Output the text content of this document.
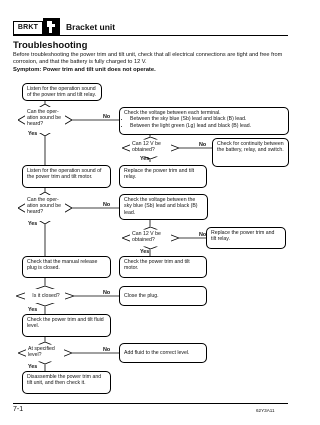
BRKT	Bracket unit
Troubleshooting
Before troubleshooting the power trim and tilt unit, check that all electrical connections are tight and free from corrosion, and that the battery is fully charged to 12 V.
Symptom: Power trim and tilt unit does not operate.
Listen for the operation sound of the power trim and tilt relay.
Can the oper-ation sound be heard?
No
Yes
Check the voltage between each terminal.
• Between the sky blue (Sb) lead and black (B) lead.
• Between the light green (Lg) lead and black (B) lead.
Can 12 V be obtained?
No
Yes
Check for continuity between the battery, relay, and switch.
Listen for the operation sound of the power trim and tilt motor.
Replace the power trim and tilt relay.
Can the oper-ation sound be heard?
No
Yes
Check the voltage between the sky blue (Sb) lead and black (B) lead.
Can 12 V be obtained?
No
Yes
Replace the power trim and tilt relay.
Check that the manual release plug is closed.
Check the power trim and tilt motor.
Is it closed?	No
Yes
Close the plug.
Check the power trim and tilt fluid level.
At specified level?
No
Yes
Add fluid to the correct level.
Disassemble the power trim and tilt unit, and then check it.
7-1	62Y3A11
